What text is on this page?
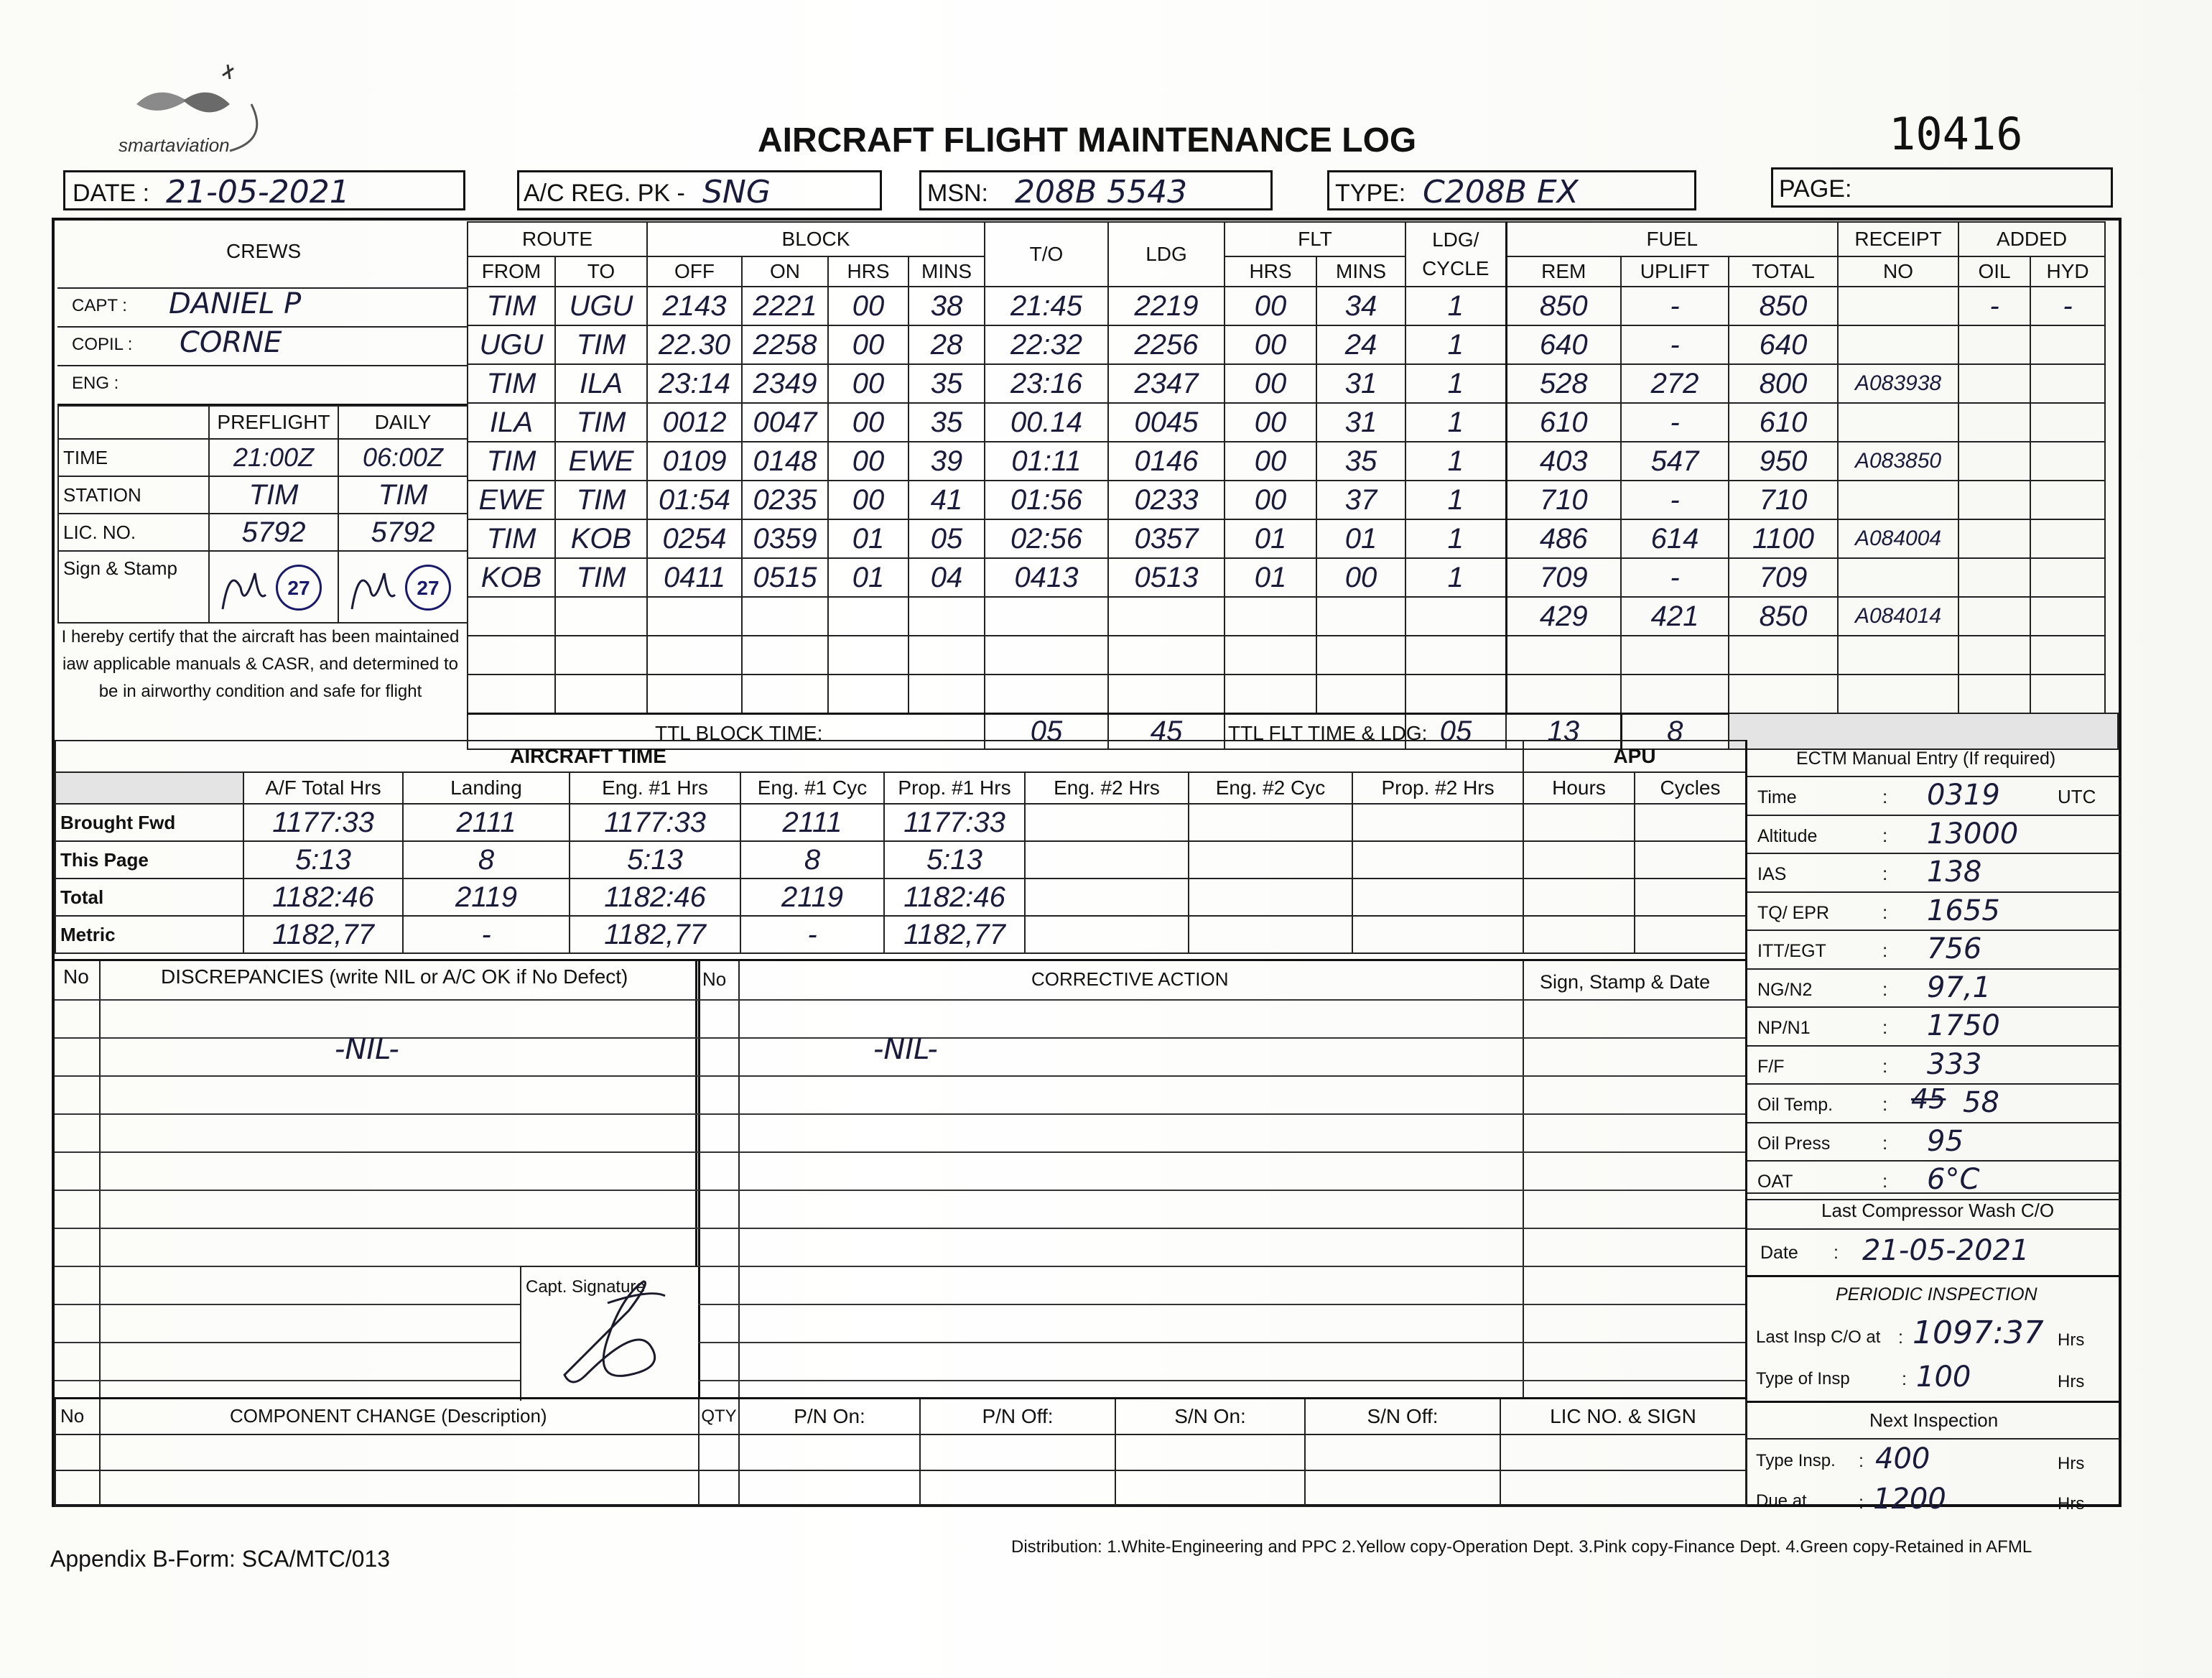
smartaviation	AIRCRAFT FLIGHT MAINTENANCE LOG	10416
DATE : 21-05-2021	A/C REG. PK - SNG	MSN: 208B 5543	TYPE: C208B EX	PAGE:
CREWS
CAPT : DANIEL P
COPIL : CORNE
ENG :
	PREFLIGHT	DAILY
TIME	21:00Z	06:00Z
STATION	TIM	TIM
LIC. NO.	5792	5792
Sign & Stamp	27	27
I hereby certify that the aircraft has been maintained iaw applicable manuals & CASR, and determined to be in airworthy condition and safe for flight
ROUTE		BLOCK				T/O	LDG	FLT		LDG/ CYCLE	FUEL			RECEIPT	ADDED	
FROM	TO	OFF	ON	HRS	MINS			HRS	MINS		REM	UPLIFT	TOTAL	NO	OIL	HYD
TIM	UGU	2143	2221	00	38	21:45	2219	00	34	1	850	-	850		-	-
UGU	TIM	22.30	2258	00	28	22:32	2256	00	24	1	640	-	640			
TIM	ILA	23:14	2349	00	35	23:16	2347	00	31	1	528	272	800	A083938		
ILA	TIM	0012	0047	00	35	00.14	0045	00	31	1	610	-	610			
TIM	EWE	0109	0148	00	39	01:11	0146	00	35	1	403	547	950	A083850		
EWE	TIM	01:54	0235	00	41	01:56	0233	00	37	1	710	-	710			
TIM	KOB	0254	0359	01	05	02:56	0357	01	01	1	486	614	1100	A084004		
KOB	TIM	0411	0515	01	04	0413	0513	01	00	1	709	-	709			
											429	421	850	A084014		

TTL BLOCK TIME:						05	45	TTL FLT TIME & LDG:		05	13	8				
AIRCRAFT TIME								
	A/F Total Hrs	Landing	Eng. #1 Hrs	Eng. #1 Cyc	Prop. #1 Hrs	Eng. #2 Hrs	Eng. #2 Cyc	Prop. #2 Hrs
Brought Fwd	1177:33	2111	1177:33	2111	1177:33			
This Page	5:13	8	5:13	8	5:13			
Total	1182:46	2119	1182:46	2119	1182:46			
Metric	1182,77	-	1182,77	-	1182,77			
APU	
Hours	Cycles

ECTM Manual Entry (If required)
Time	: 0319
Altitude	: 13000
IAS	: 138
TQ/ EPR	: 1655
ITT/EGT	: 756
NG/N2	: 97,1
NP/N1	: 1750
F/F	: 333
Oil Temp.	:	58
Oil Press	: 95
OAT	: 6°C
UTC
45
Last Compressor Wash C/O
Date : 21-05-2021
PERIODIC INSPECTION
Last Insp C/O at : 1097:37 Hrs
Type of Insp	: 100	Hrs
Next Inspection
Type Insp. : 400	Hrs
Due at	: 1200	Hrs
No	DISCREPANCIES (write NIL or A/C OK if No Defect)
-NIL-
No	CORRECTIVE ACTION
-NIL-
Sign, Stamp & Date
Capt. Signature
No	COMPONENT CHANGE (Description)	QTY	P/N On:	P/N Off:	S/N On:	S/N Off:	LIC NO. & SIGN

Appendix B-Form: SCA/MTC/013	Distribution: 1.White-Engineering and PPC 2.Yellow copy-Operation Dept. 3.Pink copy-Finance Dept. 4.Green copy-Retained in AFML
